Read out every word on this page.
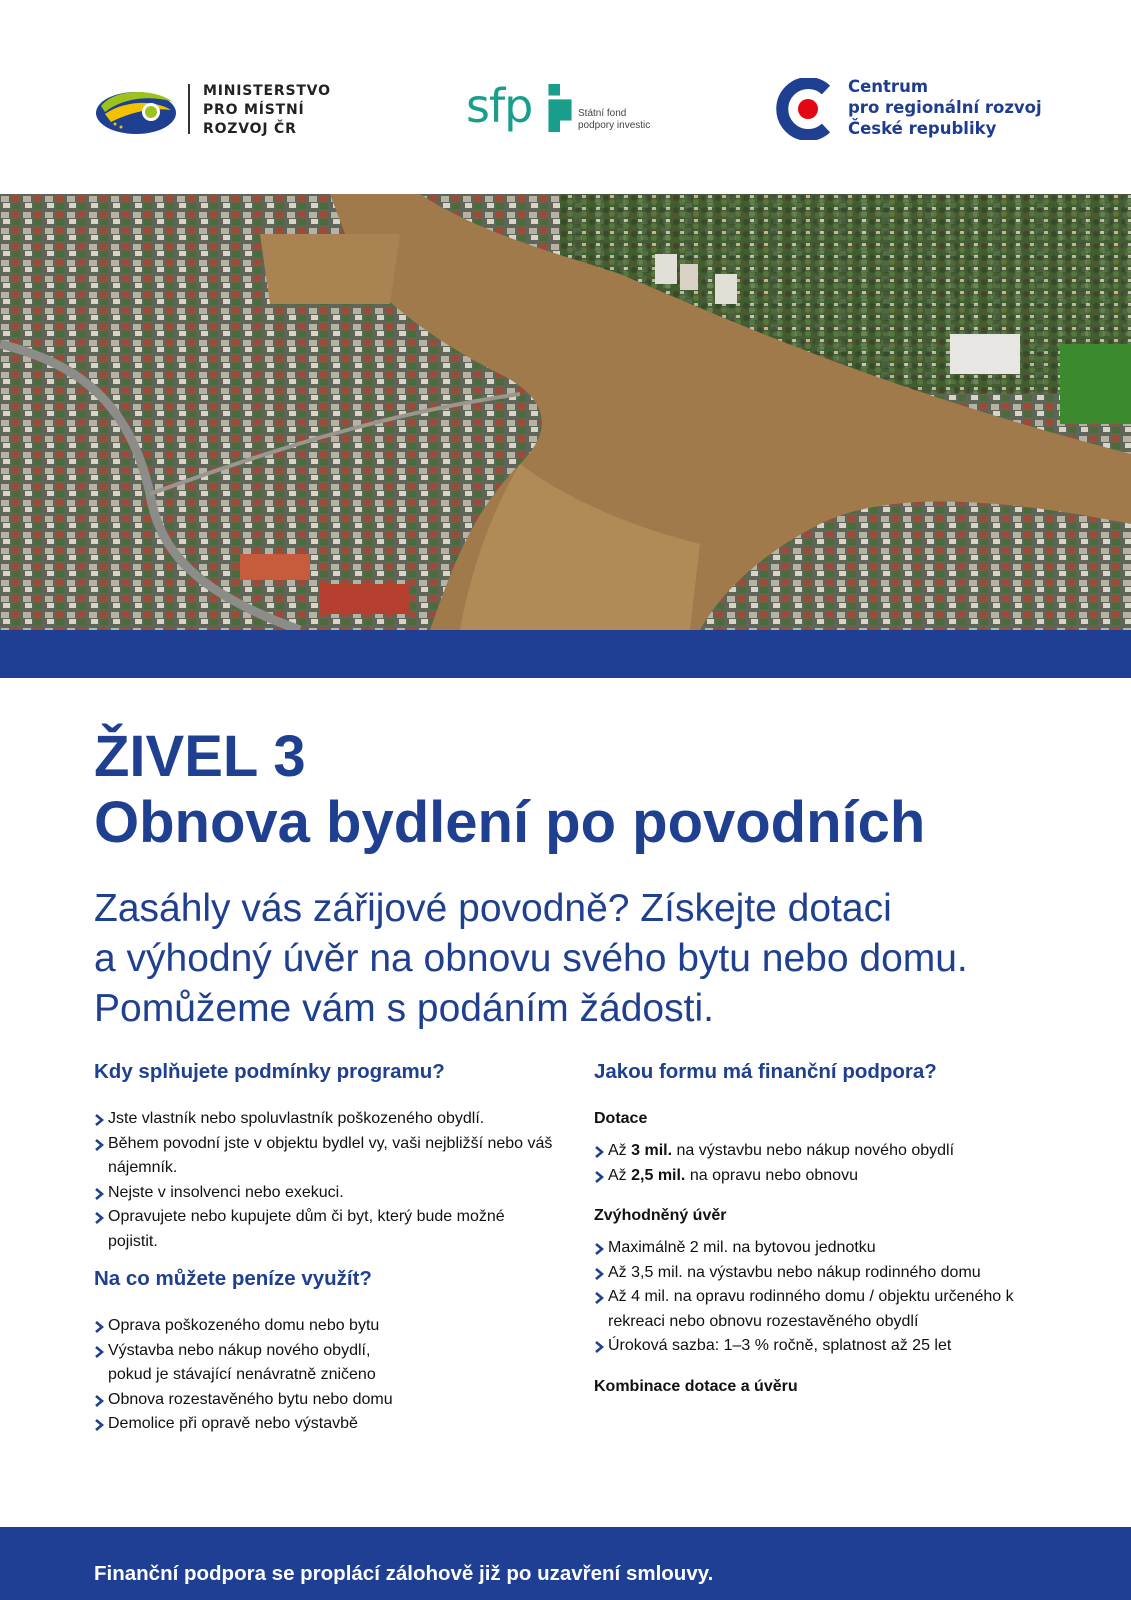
MINISTERSTVO
PRO MÍSTNÍ
ROZVOJ ČR	sfp	Státní fond
podpory investic
Centrum
pro regionální rozvoj
České republiky
ŽIVEL 3
Obnova bydlení po povodních
Zasáhly vás zářijové povodně? Získejte dotaci
a výhodný úvěr na obnovu svého bytu nebo domu.
Pomůžeme vám s podáním žádosti.
Kdy splňujete podmínky programu?
Jste vlastník nebo spoluvlastník poškozeného obydlí.
Během povodní jste v objektu bydlel vy, vaši nejbližší nebo váš nájemník.
Nejste v insolvenci nebo exekuci.
Opravujete nebo kupujete dům či byt, který bude možné pojistit.
Na co můžete peníze využít?
Oprava poškozeného domu nebo bytu
Výstavba nebo nákup nového obydlí, pokud je stávající nenávratně zničeno
Obnova rozestavěného bytu nebo domu
Demolice při opravě nebo výstavbě
Jakou formu má finanční podpora?

Dotace

Až 3 mil. na výstavbu nebo nákup nového obydlí
Až 2,5 mil. na opravu nebo obnovu

Zvýhodněný úvěr

Maximálně 2 mil. na bytovou jednotku
Až 3,5 mil. na výstavbu nebo nákup rodinného domu
Až 4 mil. na opravu rodinného domu / objektu určeného k rekreaci nebo obnovu rozestavěného obydlí
Úroková sazba: 1–3 % ročně, splatnost až 25 let

Kombinace dotace a úvěru

Finanční podpora se proplácí zálohově již po uzavření smlouvy.
